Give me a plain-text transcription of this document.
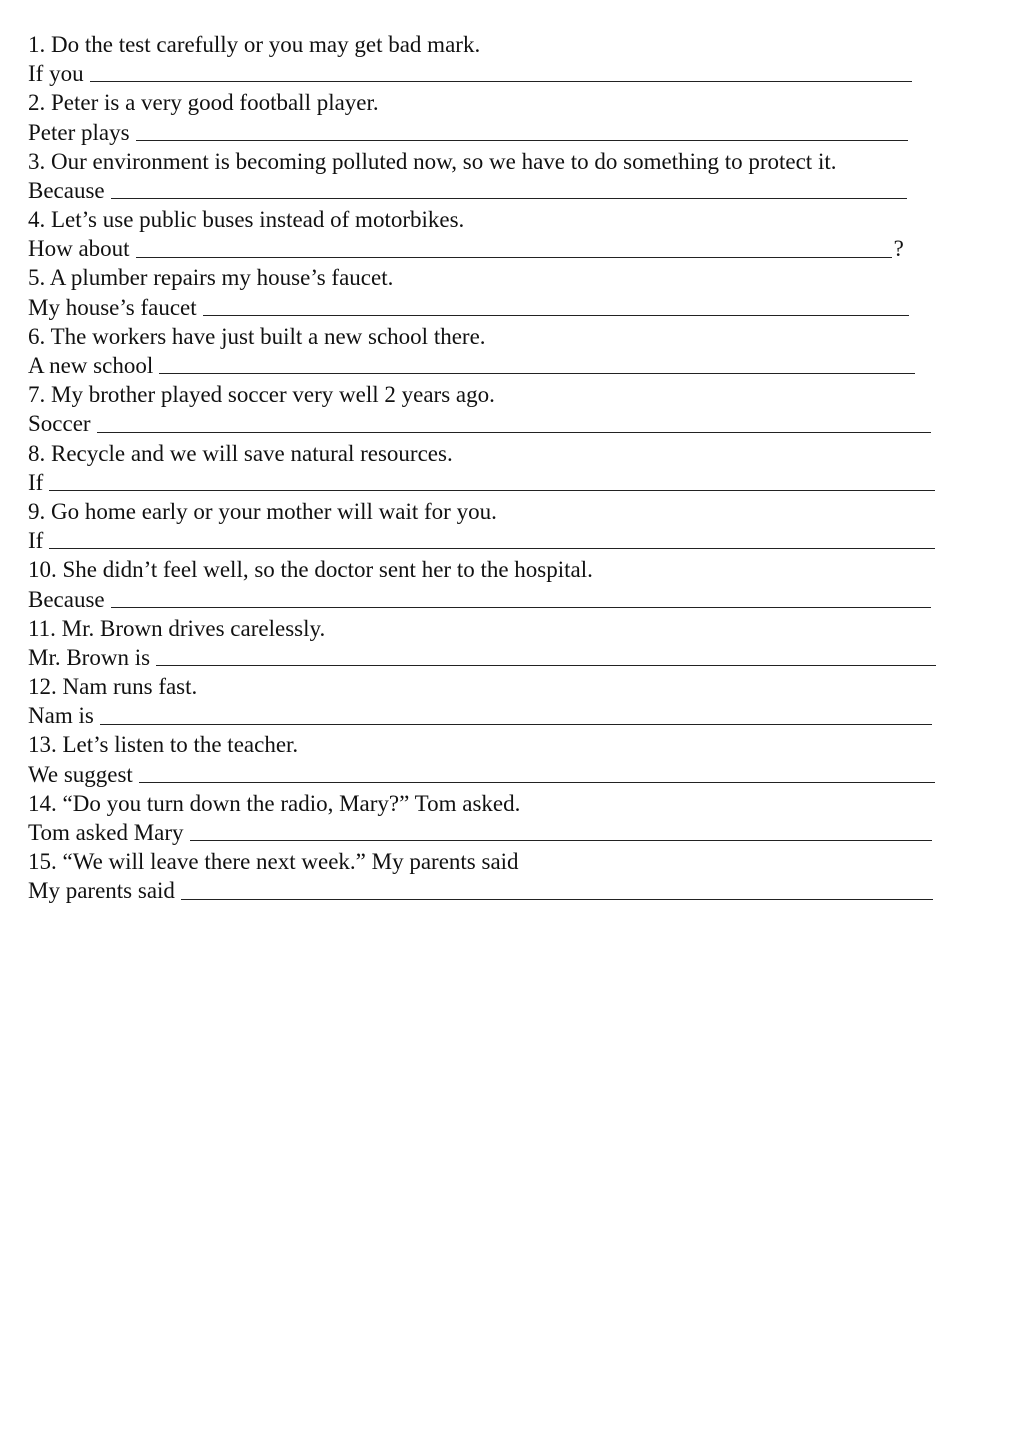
1. Do the test carefully or you may get bad mark.
If you
2. Peter is a very good football player.
Peter plays
3. Our environment is becoming polluted now, so we have to do something to protect it.
Because
4. Let’s use public buses instead of motorbikes.
How about	?
5. A plumber repairs my house’s faucet.
My house’s faucet
6. The workers have just built a new school there.
A new school
7. My brother played soccer very well 2 years ago.
Soccer
8. Recycle and we will save natural resources.
If
9. Go home early or your mother will wait for you.
If
10. She didn’t feel well, so the doctor sent her to the hospital.
Because
11. Mr. Brown drives carelessly.
Mr. Brown is
12. Nam runs fast.
Nam is
13. Let’s listen to the teacher.
We suggest
14. “Do you turn down the radio, Mary?” Tom asked.
Tom asked Mary
15. “We will leave there next week.” My parents said
My parents said
